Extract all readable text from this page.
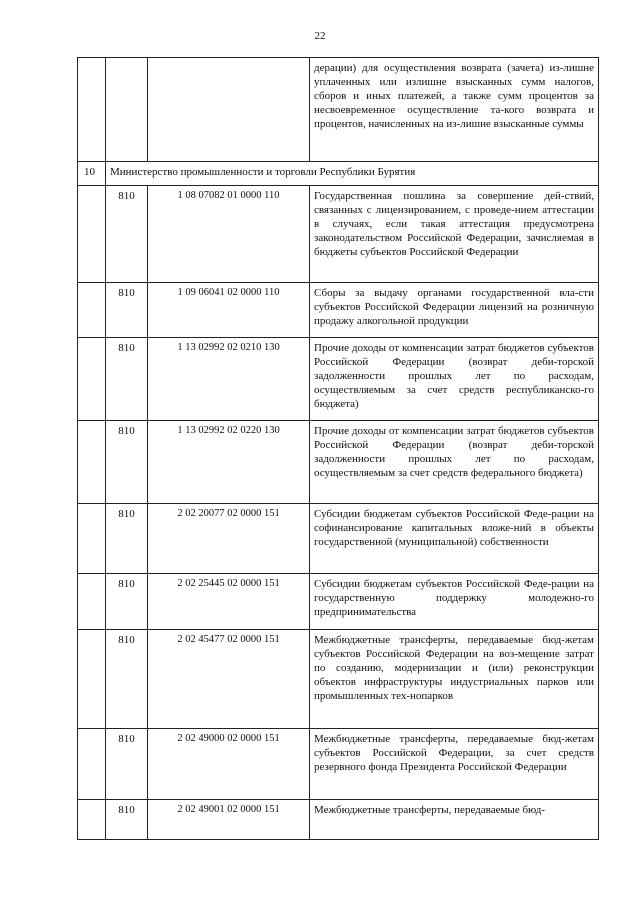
22
			дерации) для осуществления возврата (зачета) из-лишне уплаченных или излишне взысканных сумм налогов, сборов и иных платежей, а также сумм процентов за несвоевременное осуществление та-кого возврата и процентов, начисленных на из-лишне взысканные суммы
10	Министерство промышленности и торговли Республики Бурятия		
	810	1 08 07082 01 0000 110	Государственная пошлина за совершение дей-ствий, связанных с лицензированием, с проведе-нием аттестации в случаях, если такая аттестация предусмотрена законодательством Российской Федерации, зачисляемая в бюджеты субъектов Российской Федерации
	810	1 09 06041 02 0000 110	Сборы за выдачу органами государственной вла-сти субъектов Российской Федерации лицензий на розничную продажу алкогольной продукции
	810	1 13 02992 02 0210 130	Прочие доходы от компенсации затрат бюджетов субъектов Российской Федерации (возврат деби-торской задолженности прошлых лет по расходам, осуществляемым за счет средств республиканско-го бюджета)
	810	1 13 02992 02 0220 130	Прочие доходы от компенсации затрат бюджетов субъектов Российской Федерации (возврат деби-торской задолженности прошлых лет по расходам, осуществляемым за счет средств федерального бюджета)
	810	2 02 20077 02 0000 151	Субсидии бюджетам субъектов Российской Феде-рации на софинансирование капитальных вложе-ний в объекты государственной (муниципальной) собственности
	810	2 02 25445 02 0000 151	Субсидии бюджетам субъектов Российской Феде-рации на государственную поддержку молодежно-го предпринимательства
	810	2 02 45477 02 0000 151	Межбюджетные трансферты, передаваемые бюд-жетам субъектов Российской Федерации на воз-мещение затрат по созданию, модернизации и (или) реконструкции объектов инфраструктуры индустриальных парков или промышленных тех-нопарков
	810	2 02 49000 02 0000 151	Межбюджетные трансферты, передаваемые бюд-жетам субъектов Российской Федерации, за счет средств резервного фонда Президента Российской Федерации
	810	2 02 49001 02 0000 151	Межбюджетные трансферты, передаваемые бюд-
